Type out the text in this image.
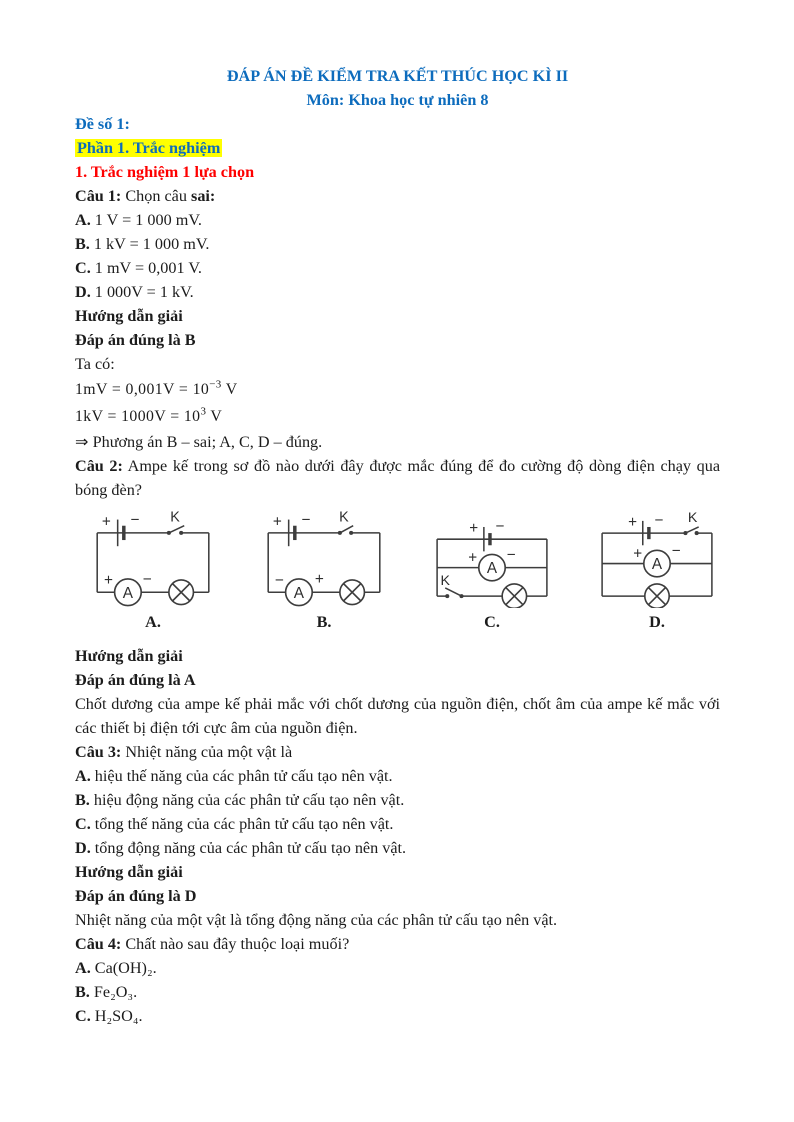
ĐÁP ÁN ĐỀ KIỂM TRA KẾT THÚC HỌC KÌ II

Môn: Khoa học tự nhiên 8

Đề số 1:

Phần 1. Trắc nghiệm

1. Trắc nghiệm 1 lựa chọn

Câu 1: Chọn câu sai:

A. 1 V = 1 000 mV.

B. 1 kV = 1 000 mV.

C. 1 mV = 0,001 V.

D. 1 000V = 1 kV.

Hướng dẫn giải

Đáp án đúng là B

Ta có:

$1mV = 0,001V = 10^{-3}$ V

$1kV = 1000V = 10^3$ V

⇒ Phương án B – sai; A, C, D – đúng.

Câu 2: Ampe kế trong sơ đồ nào dưới đây được mắc đúng để đo cường độ dòng điện chạy qua bóng đèn?

+ − K
A
+ −
A.
+ − K
A
− +
B.
+ −
A
+ −
K
C.
+ − K
A
+ −
D.

Hướng dẫn giải

Đáp án đúng là A

Chốt dương của ampe kế phải mắc với chốt dương của nguồn điện, chốt âm của ampe kế mắc với các thiết bị điện tới cực âm của nguồn điện.

Câu 3: Nhiệt năng của một vật là

A. hiệu thế năng của các phân tử cấu tạo nên vật.

B. hiệu động năng của các phân tử cấu tạo nên vật.

C. tổng thế năng của các phân tử cấu tạo nên vật.

D. tổng động năng của các phân tử cấu tạo nên vật.

Hướng dẫn giải

Đáp án đúng là D

Nhiệt năng của một vật là tổng động năng của các phân tử cấu tạo nên vật.

Câu 4: Chất nào sau đây thuộc loại muối?

A. Ca(OH)₂.

B. Fe₂O₃.

C. H₂SO₄.
